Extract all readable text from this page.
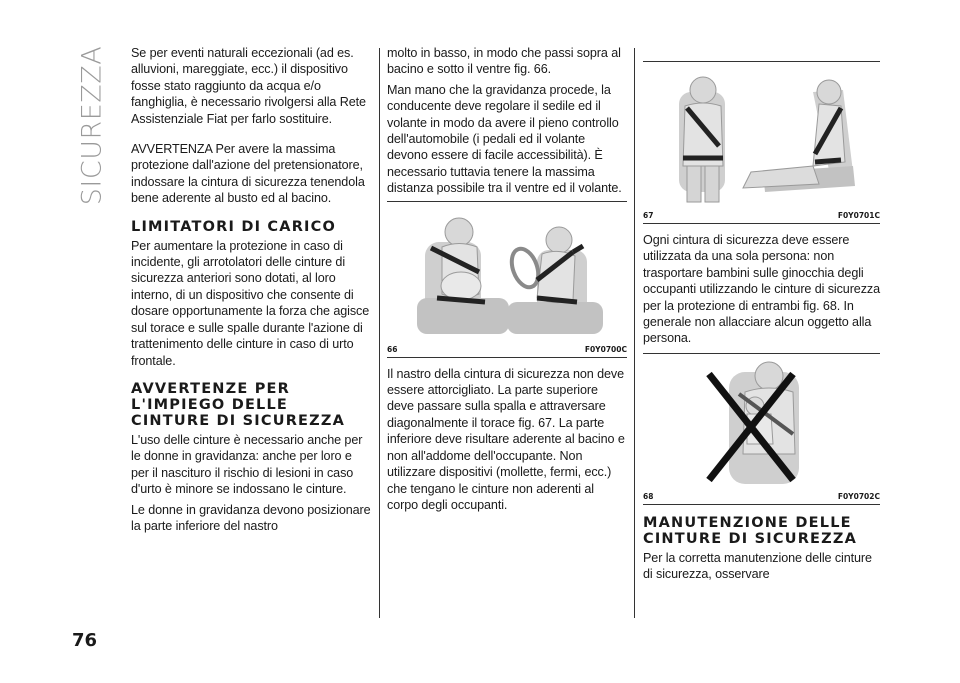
SICUREZZA Se per eventi naturali eccezionali (ad es. alluvioni, mareggiate, ecc.) il dispositivo fosse stato raggiunto da acqua e/o fanghiglia, è necessario rivolgersi alla Rete Assistenziale Fiat per farlo sostituire.

AVVERTENZA Per avere la massima protezione dall'azione del pretensionatore, indossare la cintura di sicurezza tenendola bene aderente al busto ed al bacino.

LIMITATORI DI CARICO

Per aumentare la protezione in caso di incidente, gli arrotolatori delle cinture di sicurezza anteriori sono dotati, al loro interno, di un dispositivo che consente di dosare opportunamente la forza che agisce sul torace e sulle spalle durante l'azione di trattenimento delle cinture in caso di urto frontale.

AVVERTENZE PER L'IMPIEGO DELLE CINTURE DI SICUREZZA

L'uso delle cinture è necessario anche per le donne in gravidanza: anche per loro e per il nascituro il rischio di lesioni in caso d'urto è minore se indossano le cinture.

Le donne in gravidanza devono posizionare la parte inferiore del nastro

molto in basso, in modo che passi sopra al bacino e sotto il ventre fig. 66.

Man mano che la gravidanza procede, la conducente deve regolare il sedile ed il volante in modo da avere il pieno controllo dell'automobile (i pedali ed il volante devono essere di facile accessibilità). È necessario tuttavia tenere la massima distanza possibile tra il ventre ed il volante.

66	F0Y0700C

Il nastro della cintura di sicurezza non deve essere attorcigliato. La parte superiore deve passare sulla spalla e attraversare diagonalmente il torace fig. 67. La parte inferiore deve risultare aderente al bacino e non all'addome dell'occupante. Non utilizzare dispositivi (mollette, fermi, ecc.) che tengano le cinture non aderenti al corpo degli occupanti.

67	F0Y0701C

Ogni cintura di sicurezza deve essere utilizzata da una sola persona: non trasportare bambini sulle ginocchia degli occupanti utilizzando le cinture di sicurezza per la protezione di entrambi fig. 68. In generale non allacciare alcun oggetto alla persona.

68	F0Y0702C
MANUTENZIONE DELLE CINTURE DI SICUREZZA

Per la corretta manutenzione delle cinture di sicurezza, osservare

76
